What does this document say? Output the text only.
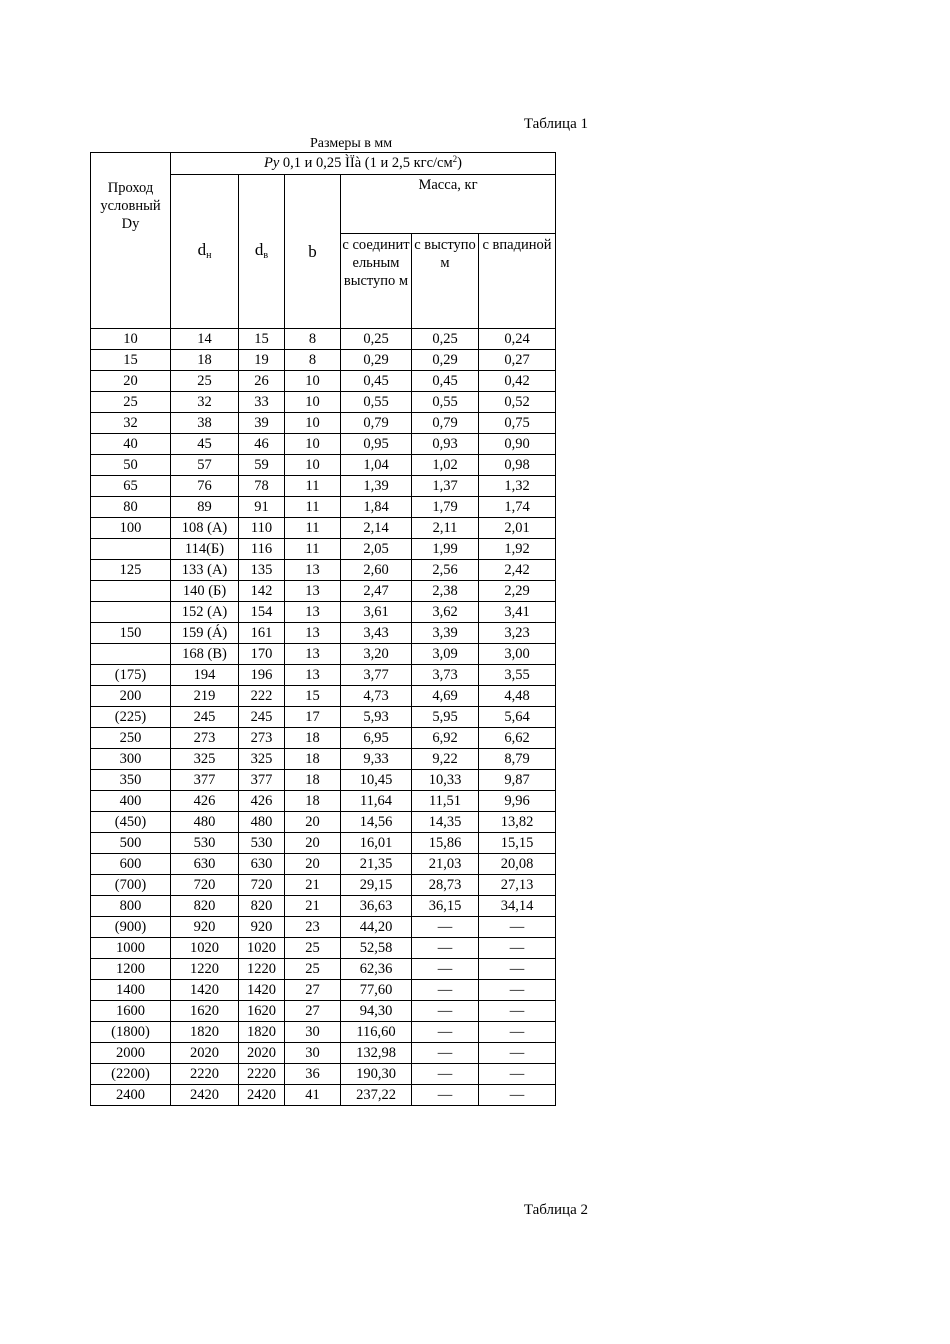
Таблица 1
Размеры в мм
Проход условный Dy	Ру 0,1 и 0,25 ÌÏà (1 и 2,5 кгс/$см^2$)					
	dн	dв	b	Масса, кг		
				с соединит ельным выступо м	с выступо м	с впадиной
10	14	15	8	0,25	0,25	0,24
15	18	19	8	0,29	0,29	0,27
20	25	26	10	0,45	0,45	0,42
25	32	33	10	0,55	0,55	0,52
32	38	39	10	0,79	0,79	0,75
40	45	46	10	0,95	0,93	0,90
50	57	59	10	1,04	1,02	0,98
65	76	78	11	1,39	1,37	1,32
80	89	91	11	1,84	1,79	1,74
100	108 (А)	110	11	2,14	2,11	2,01
	114(Б)	116	11	2,05	1,99	1,92
125	133 (А)	135	13	2,60	2,56	2,42
	140 (Б)	142	13	2,47	2,38	2,29
	152 (А)	154	13	3,61	3,62	3,41
150	159 (Á)	161	13	3,43	3,39	3,23
	168 (В)	170	13	3,20	3,09	3,00
(175)	194	196	13	3,77	3,73	3,55
200	219	222	15	4,73	4,69	4,48
(225)	245	245	17	5,93	5,95	5,64
250	273	273	18	6,95	6,92	6,62
300	325	325	18	9,33	9,22	8,79
350	377	377	18	10,45	10,33	9,87
400	426	426	18	11,64	11,51	9,96
(450)	480	480	20	14,56	14,35	13,82
500	530	530	20	16,01	15,86	15,15
600	630	630	20	21,35	21,03	20,08
(700)	720	720	21	29,15	28,73	27,13
800	820	820	21	36,63	36,15	34,14
(900)	920	920	23	44,20	—	—
1000	1020	1020	25	52,58	—	—
1200	1220	1220	25	62,36	—	—
1400	1420	1420	27	77,60	—	—
1600	1620	1620	27	94,30	—	—
(1800)	1820	1820	30	116,60	—	—
2000	2020	2020	30	132,98	—	—
(2200)	2220	2220	36	190,30	—	—
2400	2420	2420	41	237,22	—	—
Таблица 2
